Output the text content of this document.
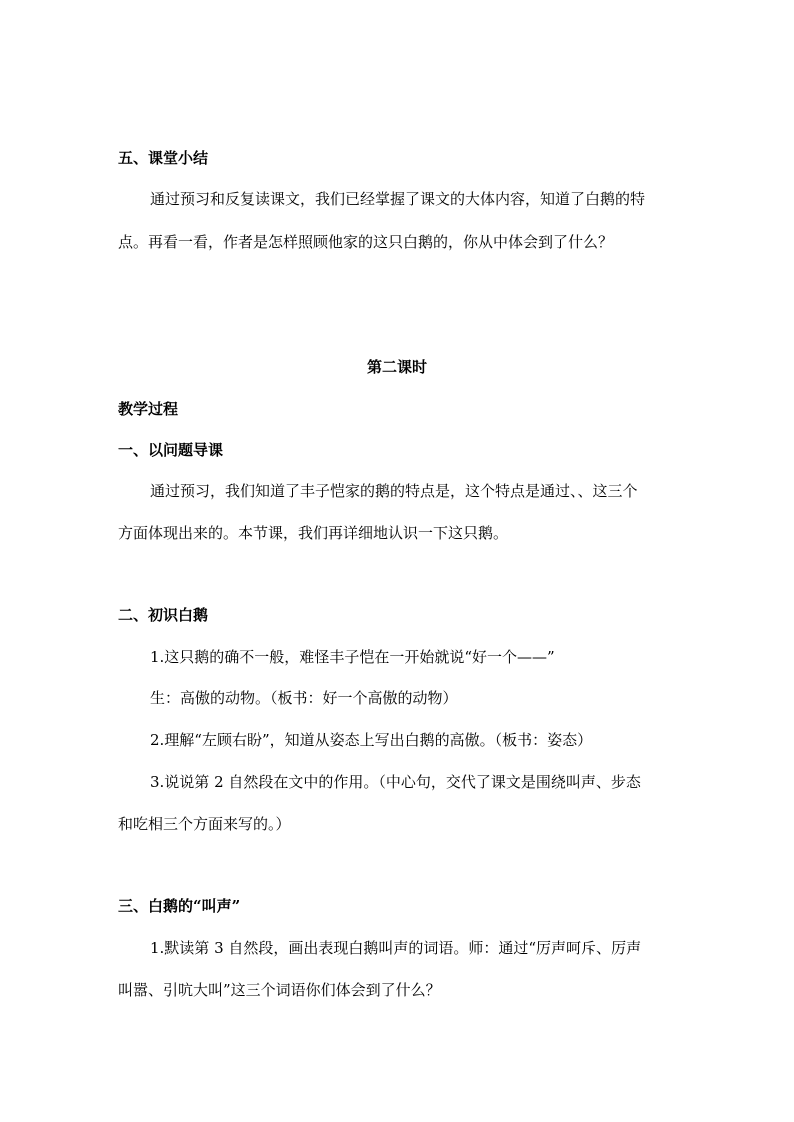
五、课堂小结
通过预习和反复读课文，我们已经掌握了课文的大体内容，知道了白鹅的特
点。再看一看，作者是怎样照顾他家的这只白鹅的，你从中体会到了什么？
第二课时
教学过程
一、以问题导课
通过预习，我们知道了丰子恺家的鹅的特点是，这个特点是通过、、这三个
方面体现出来的。本节课，我们再详细地认识一下这只鹅。
二、初识白鹅
1.这只鹅的确不一般，难怪丰子恺在一开始就说“好一个——”
生：高傲的动物。（板书：好一个高傲的动物）
2.理解“左顾右盼”，知道从姿态上写出白鹅的高傲。（板书：姿态）
3.说说第 2 自然段在文中的作用。（中心句，交代了课文是围绕叫声、步态
和吃相三个方面来写的。）
三、白鹅的“叫声”
1.默读第 3 自然段，画出表现白鹅叫声的词语。师：通过“厉声呵斥、厉声
叫嚣、引吭大叫”这三个词语你们体会到了什么？
